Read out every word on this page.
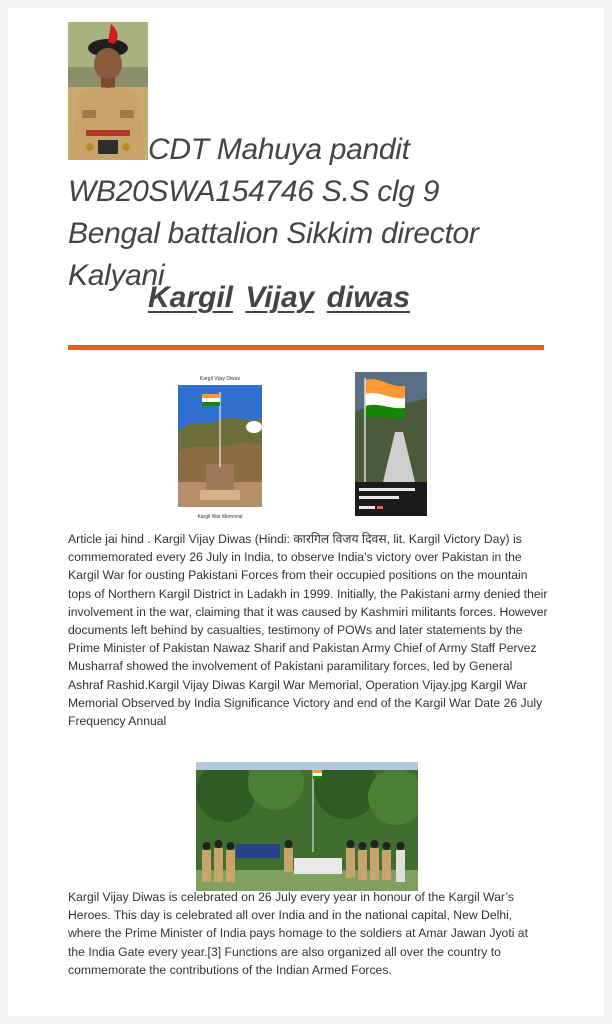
CDT Mahuya pandit
WB20SWA154746 S.S clg 9
Bengal battalion Sikkim director
Kalyani
Kargil Vijay diwas
Kargil Vijay Diwas
Kargil War Memorial
Article jai hind . Kargil Vijay Diwas (Hindi: कारगिल विजय दिवस, lit. Kargil Victory Day) is commemorated every 26 July in India, to observe India’s victory over Pakistan in the Kargil War for ousting Pakistani Forces from their occupied positions on the mountain tops of Northern Kargil District in Ladakh in 1999. Initially, the Pakistani army denied their involvement in the war, claiming that it was caused by Kashmiri militants forces. However documents left behind by casualties, testimony of POWs and later statements by the Prime Minister of Pakistan Nawaz Sharif and Pakistan Army Chief of Army Staff Pervez Musharraf showed the involvement of Pakistani paramilitary forces, led by General Ashraf Rashid.Kargil Vijay Diwas Kargil War Memorial, Operation Vijay.jpg Kargil War Memorial Observed by India Significance Victory and end of the Kargil War Date 26 July Frequency Annual
Kargil Vijay Diwas is celebrated on 26 July every year in honour of the Kargil War’s Heroes. This day is celebrated all over India and in the national capital, New Delhi, where the Prime Minister of India pays homage to the soldiers at Amar Jawan Jyoti at the India Gate every year.[3] Functions are also organized all over the country to commemorate the contributions of the Indian Armed Forces.
